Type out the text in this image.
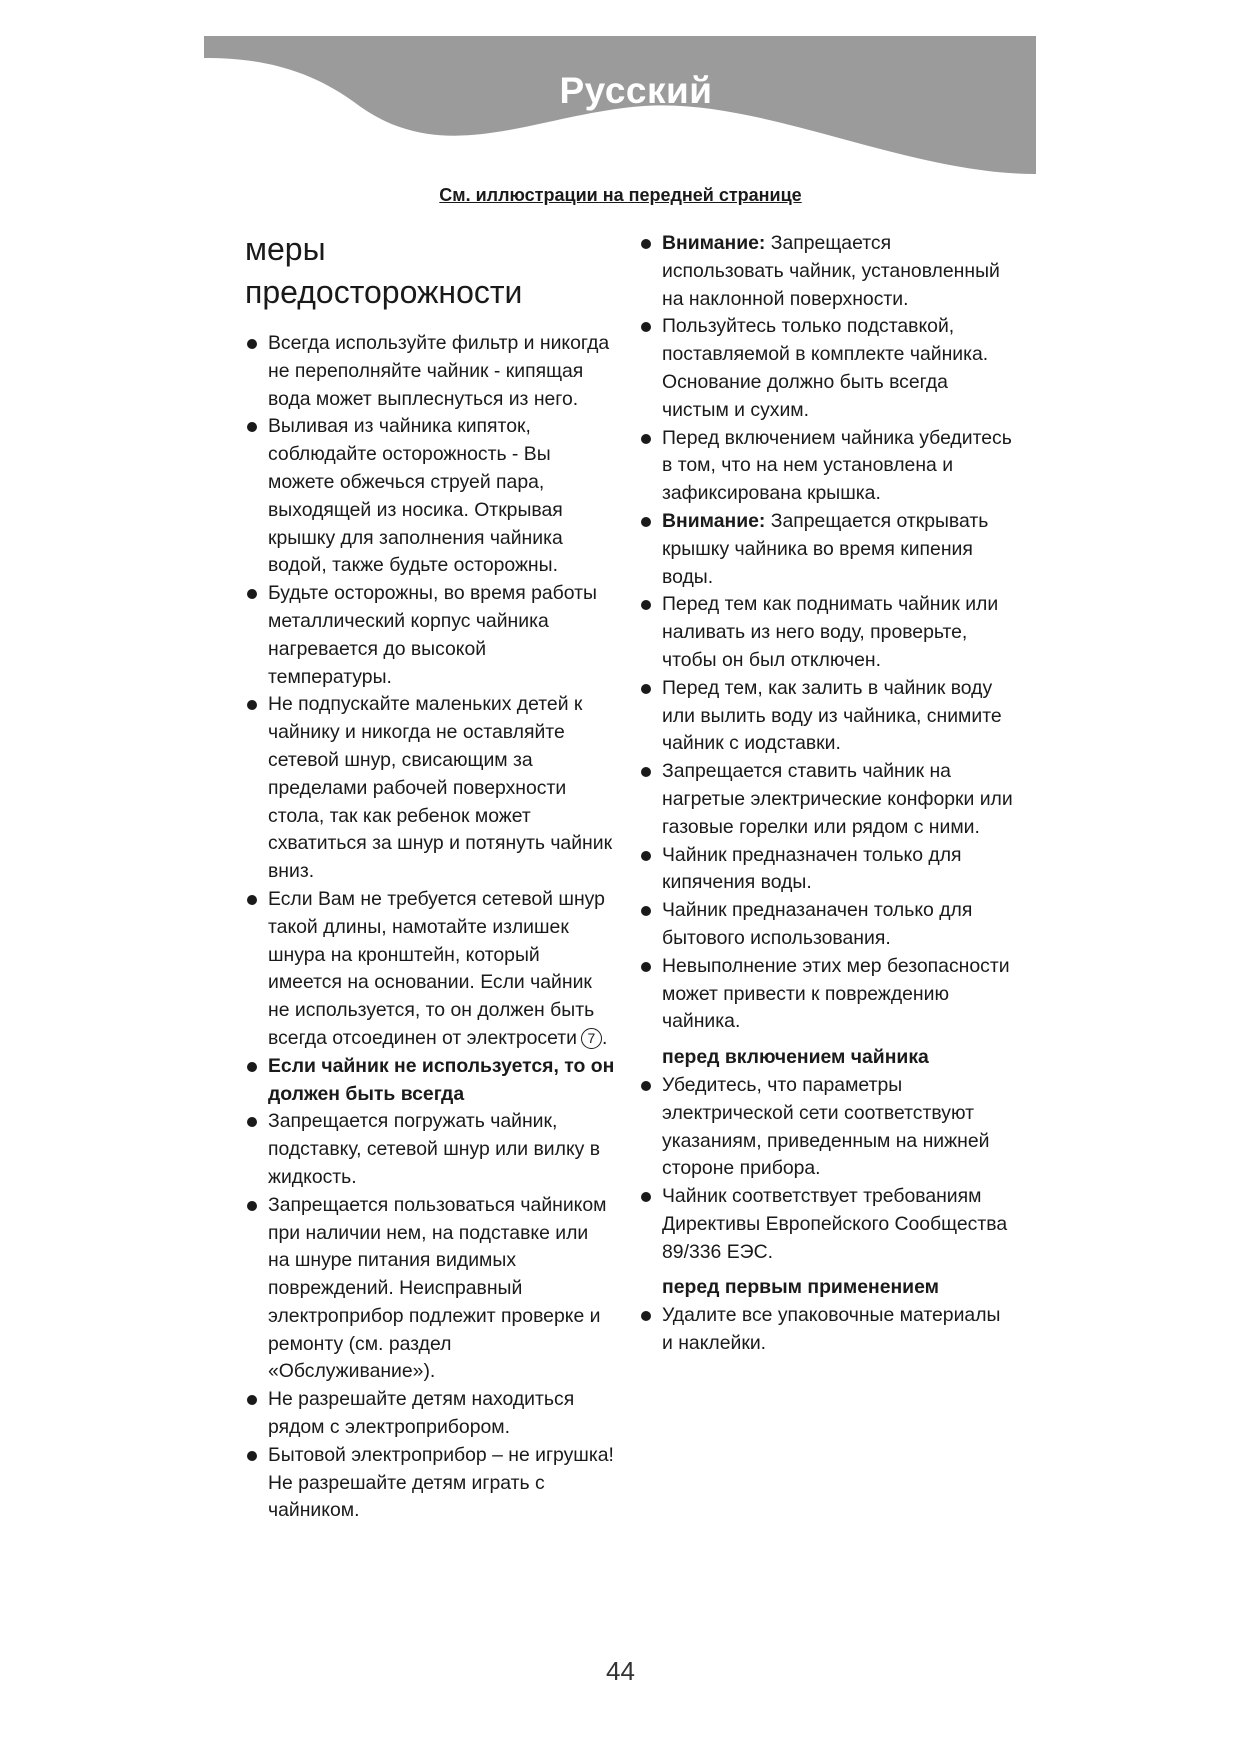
Русский
См. иллюстрации на передней странице
меры
предосторожности
Всегда используйте фильтр и никогда не переполняйте чайник - кипящая вода может выплеснуться из него.
Выливая из чайника кипяток, соблюдайте осторожность - Вы можете обжечься струей пара, выходящей из носика. Открывая крышку для заполнения чайника водой, также будьте осторожны.
Будьте осторожны, во время работы металлический корпус чайника нагревается до высокой температуры.
Не подпускайте маленьких детей к чайнику и никогда не оставляйте сетевой шнур, свисающим за пределами рабочей поверхности стола, так как ребенок может схватиться за шнур и потянуть чайник вниз.
Если Вам не требуется сетевой шнур такой длины, намотайте излишек шнура на кронштейн, который имеется на основании. Если чайник не используется, то он должен быть всегда отсоединен от электросети 7 .
Если чайник не используется, то он должен быть всегда
Запрещается погружать чайник, подставку, сетевой шнур или вилку в жидкость.
Запрещается пользоваться чайником при наличии нем, на подставке или на шнуре питания видимых повреждений. Неисправный электроприбор подлежит проверке и ремонту (см. раздел «Обслуживание»).
Не разрешайте детям находиться рядом с электроприбором.
Бытовой электроприбор – не игрушка! Не разрешайте детям играть с чайником.
Внимание: Запрещается использовать чайник, установленный на наклонной поверхности.
Пользуйтесь только подставкой, поставляемой в комплекте чайника.
Основание должно быть всегда чистым и сухим.
Перед включением чайника убедитесь в том, что на нем установлена и зафиксирована крышка.
Внимание: Запрещается открывать крышку чайника во время кипения воды.
Перед тем как поднимать чайник или наливать из него воду, проверьте, чтобы он был отключен.
Перед тем, как залить в чайник воду или вылить воду из чайника, снимите чайник с иодставки.
Запрещается ставить чайник на нагретые электрические конфорки или газовые горелки или рядом с ними.
Чайник предназначен только для кипячения воды.
Чайник предназаначен только для бытового использования.
Невыполнение этих мер безопасности может привести к повреждению чайника.
перед включением чайника
Убедитесь, что параметры электрической сети соответствуют указаниям, приведенным на нижней стороне прибора.
Чайник соответствует требованиям Директивы Европейского Сообщества 89/336 ЕЭС.
перед первым применением
Удалите все упаковочные материалы и наклейки.
44
